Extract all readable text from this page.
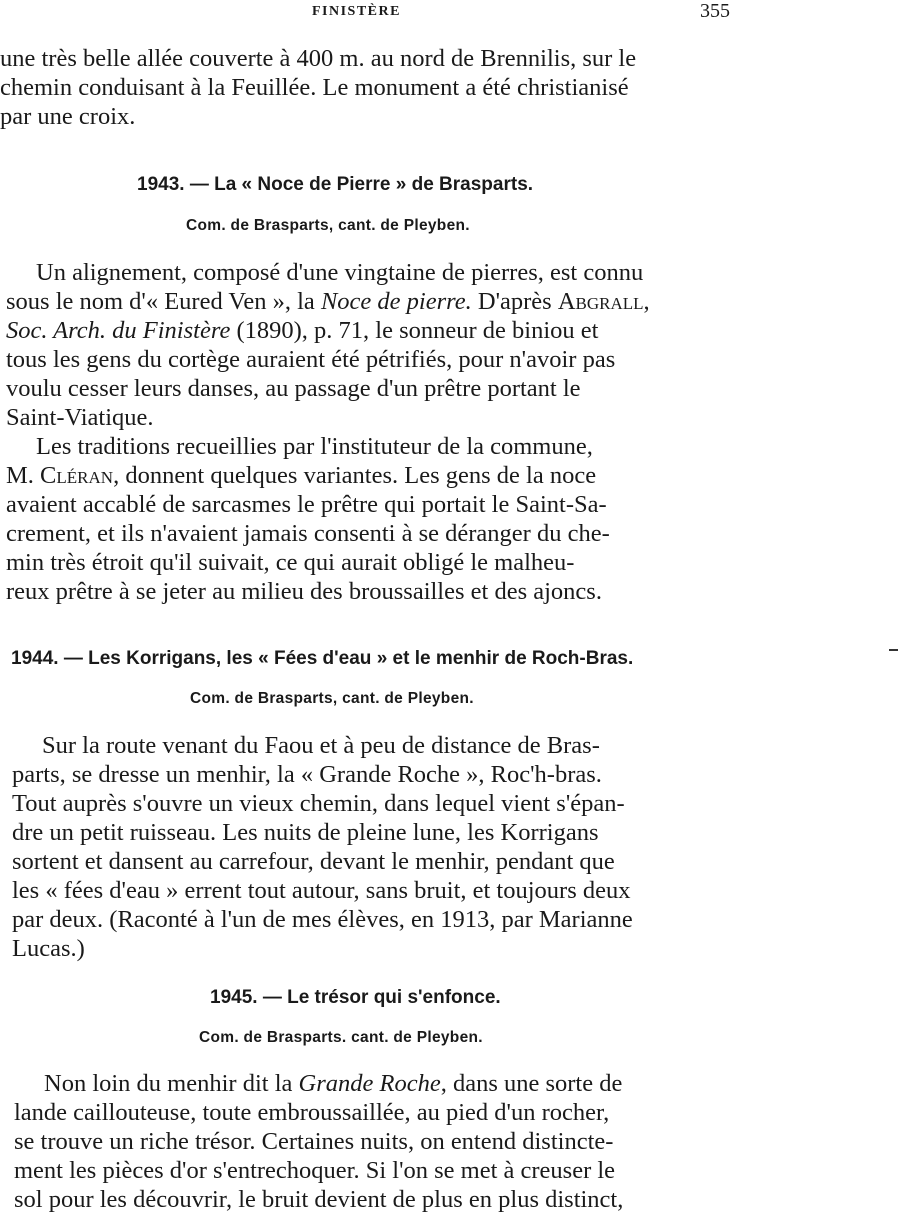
FINISTÈRE	355
une très belle allée couverte à 400 m. au nord de Brennilis, sur le
chemin conduisant à la Feuillée. Le monument a été christianisé
par une croix.
1943. — La « Noce de Pierre » de Brasparts.
Com. de Brasparts, cant. de Pleyben.
Un alignement, composé d'une vingtaine de pierres, est connu
sous le nom d'« Eured Ven », la Noce de pierre. D'après Abgrall,
Soc. Arch. du Finistère (1890), p. 71, le sonneur de biniou et
tous les gens du cortège auraient été pétrifiés, pour n'avoir pas
voulu cesser leurs danses, au passage d'un prêtre portant le
Saint-Viatique.
Les traditions recueillies par l'instituteur de la commune,
M. Cléran, donnent quelques variantes. Les gens de la noce
avaient accablé de sarcasmes le prêtre qui portait le Saint-Sa-
crement, et ils n'avaient jamais consenti à se déranger du che-
min très étroit qu'il suivait, ce qui aurait obligé le malheu-
reux prêtre à se jeter au milieu des broussailles et des ajoncs.
1944. — Les Korrigans, les « Fées d'eau » et le menhir de Roch-Bras.
Com. de Brasparts, cant. de Pleyben.
Sur la route venant du Faou et à peu de distance de Bras-
parts, se dresse un menhir, la « Grande Roche », Roc'h-bras.
Tout auprès s'ouvre un vieux chemin, dans lequel vient s'épan-
dre un petit ruisseau. Les nuits de pleine lune, les Korrigans
sortent et dansent au carrefour, devant le menhir, pendant que
les « fées d'eau » errent tout autour, sans bruit, et toujours deux
par deux. (Raconté à l'un de mes élèves, en 1913, par Marianne
Lucas.)
1945. — Le trésor qui s'enfonce.
Com. de Brasparts. cant. de Pleyben.
Non loin du menhir dit la Grande Roche, dans une sorte de
lande caillouteuse, toute embroussaillée, au pied d'un rocher,
se trouve un riche trésor. Certaines nuits, on entend distincte-
ment les pièces d'or s'entrechoquer. Si l'on se met à creuser le
sol pour les découvrir, le bruit devient de plus en plus distinct,
